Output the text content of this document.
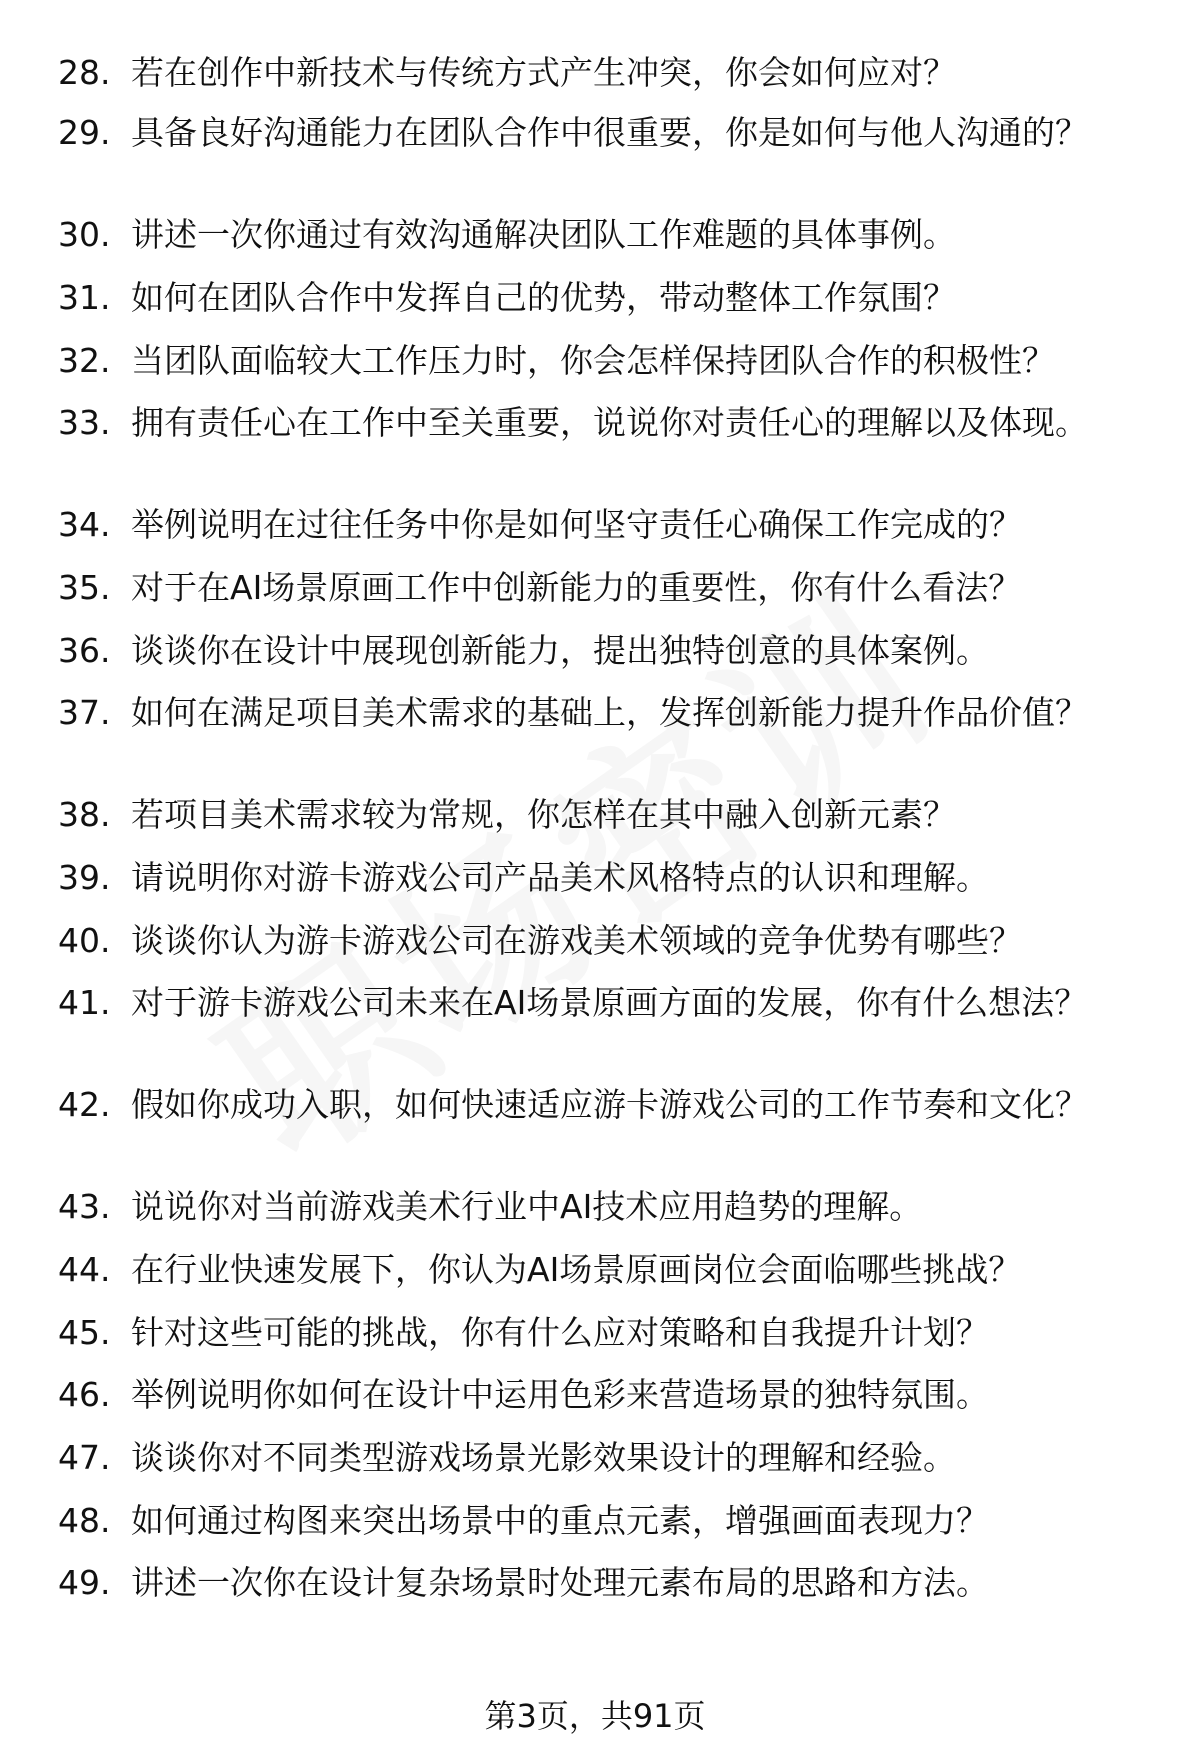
28. 若在创作中新技术与传统方式产生冲突，你会如何应对？
29. 具备良好沟通能力在团队合作中很重要，你是如何与他人沟通的？
30. 讲述一次你通过有效沟通解决团队工作难题的具体事例。
31. 如何在团队合作中发挥自己的优势，带动整体工作氛围？
32. 当团队面临较大工作压力时，你会怎样保持团队合作的积极性？
33. 拥有责任心在工作中至关重要，说说你对责任心的理解以及体现。
34. 举例说明在过往任务中你是如何坚守责任心确保工作完成的？
35. 对于在AI场景原画工作中创新能力的重要性，你有什么看法？
36. 谈谈你在设计中展现创新能力，提出独特创意的具体案例。
37. 如何在满足项目美术需求的基础上，发挥创新能力提升作品价值？
38. 若项目美术需求较为常规，你怎样在其中融入创新元素？
39. 请说明你对游卡游戏公司产品美术风格特点的认识和理解。
40. 谈谈你认为游卡游戏公司在游戏美术领域的竞争优势有哪些？
41. 对于游卡游戏公司未来在AI场景原画方面的发展，你有什么想法？
42. 假如你成功入职，如何快速适应游卡游戏公司的工作节奏和文化？
43. 说说你对当前游戏美术行业中AI技术应用趋势的理解。
44. 在行业快速发展下，你认为AI场景原画岗位会面临哪些挑战？
45. 针对这些可能的挑战，你有什么应对策略和自我提升计划？
46. 举例说明你如何在设计中运用色彩来营造场景的独特氛围。
47. 谈谈你对不同类型游戏场景光影效果设计的理解和经验。
48. 如何通过构图来突出场景中的重点元素，增强画面表现力？
49. 讲述一次你在设计复杂场景时处理元素布局的思路和方法。
第3页，共91页
